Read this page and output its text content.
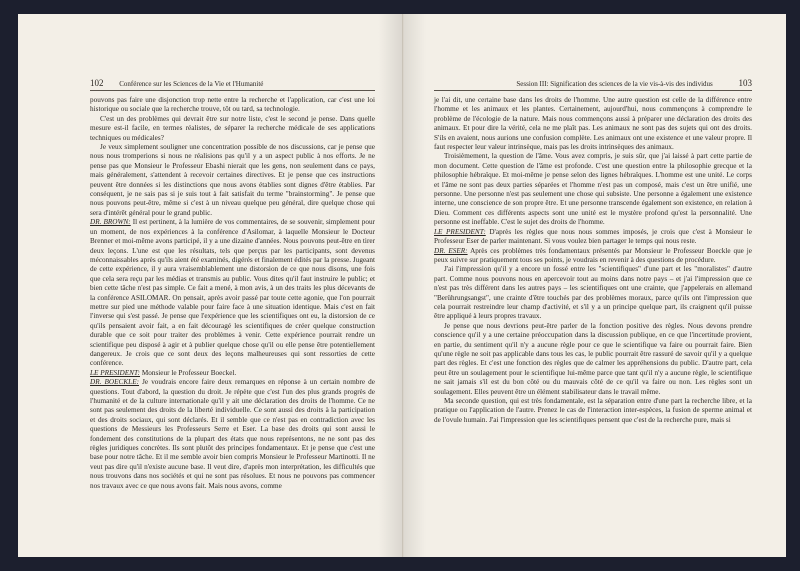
102 Conférence sur les Sciences de la Vie et l'Humanité

pouvons pas faire une disjonction trop nette entre la recherche et l'application, car c'est une loi historique ou sociale que la recherche trouve, tôt ou tard, sa technologie.

C'est un des problèmes qui devrait être sur notre liste, c'est le second je pense. Dans quelle mesure est-il facile, en termes réalistes, de séparer la recherche médicale de ses applications techniques ou médicales?

Je veux simplement souligner une concentration possible de nos discussions, car je pense que nous nous tromperions si nous ne réalisions pas qu'il y a un aspect public à nos efforts. Je ne pense pas que Monsieur le Professeur Ebashi nierait que les gens, non seulement dans ce pays, mais généralement, s'attendent à recevoir certaines directives. Et je pense que ces instructions peuvent être données si les distinctions que nous avons établies sont dignes d'être établies. Par conséquent, je ne sais pas si je suis tout à fait satisfait du terme "brainstorming". Je pense que nous pouvons peut-être, même si c'est à un niveau quelque peu général, dire quelque chose qui sera d'intérêt général pour le grand public.

DR. BROWN: Il est pertinent, à la lumière de vos commentaires, de se souvenir, simplement pour un moment, de nos expériences à la conférence d'Asilomar, à laquelle Monsieur le Docteur Brenner et moi-même avons participé, il y a une dizaine d'années. Nous pouvons peut-être en tirer deux leçons. L'une est que les résultats, tels que perçus par les participants, sont devenus méconnaissables après qu'ils aient été examinés, digérés et finalement édités par la presse. Jugeant de cette expérience, il y aura vraisemblablement une distorsion de ce que nous disons, une fois que cela sera reçu par les médias et transmis au public. Vous dites qu'il faut instruire le public; et bien cette tâche n'est pas simple. Ce fait a mené, à mon avis, à un des traits les plus décevants de la conférence ASILOMAR. On pensait, après avoir passé par toute cette agonie, que l'on pourrait mettre sur pied une méthode valable pour faire face à une situation identique. Mais c'est en fait l'inverse qui s'est passé. Je pense que l'expérience que les scientifiques ont eu, la distorsion de ce qu'ils pensaient avoir fait, a en fait découragé les scientifiques de créer quelque construction durable que ce soit pour traiter des problèmes à venir. Cette expérience pourrait rendre un scientifique peu disposé à agir et à publier quelque chose qu'il ou elle pense être potentiellement dangereux. Je crois que ce sont deux des leçons malheureuses qui sont ressorties de cette conférence.

LE PRESIDENT: Monsieur le Professeur Boeckel.

DR. BOECKLE: Je voudrais encore faire deux remarques en réponse à un certain nombre de questions. Tout d'abord, la question du droit. Je répète que c'est l'un des plus grands progrès de l'humanité et de la culture internationale qu'il y ait une déclaration des droits de l'homme. Ce ne sont pas seulement des droits de la liberté individuelle. Ce sont aussi des droits à la participation et des droits sociaux, qui sont déclarés. Et il semble que ce n'est pas en contradiction avec les questions de Messieurs les Professeurs Serre et Eser. La base des droits qui sont aussi le fondement des constitutions de la plupart des états que nous représentons, ne ne sont pas des règles juridiques concrètes. Ils sont plutôt des principes fondamentaux. Et je pense que c'est une base pour notre tâche. Et il me semble avoir bien compris Monsieur le Professeur Martinotti. Il ne veut pas dire qu'il n'existe aucune base. Il veut dire, d'après mon interprétation, les difficultés que nous trouvons dans nos sociétés et qui ne sont pas résolues. Et nous ne pouvons pas commencer nos travaux avec ce que nous avons fait. Mais nous avons, comme

Session III: Signification des sciences de la vie vis-à-vis des individus	103

je l'ai dit, une certaine base dans les droits de l'homme. Une autre question est celle de la différence entre l'homme et les animaux et les plantes. Certainement, aujourd'hui, nous commençons à comprendre le problème de l'écologie de la nature. Mais nous commençons aussi à préparer une déclaration des droits des animaux. Et pour dire la vérité, cela ne me plaît pas. Les animaux ne sont pas des sujets qui ont des droits. S'ils en avaient, nous aurions une confusion complète. Les animaux ont une existence et une valeur propre. Il faut respecter leur valeur intrinsèque, mais pas les droits intrinsèques des animaux.

Troisièmement, la question de l'âme. Vous avez compris, je suis sûr, que j'ai laissé à part cette partie de mon document. Cette question de l'âme est profonde. C'est une question entre la philosophie grecque et la philosophie hébraïque. Et moi-même je pense selon des lignes hébraïques. L'homme est une unité. Le corps et l'âme ne sont pas deux parties séparées et l'homme n'est pas un composé, mais c'est un être unifié, une personne. Une personne n'est pas seulement une chose qui subsiste. Une personne a également une existence interne, une conscience de son propre être. Et une personne transcende également son existence, en relation à Dieu. Comment ces différents aspects sont une unité est le mystère profond qu'est la personnalité. Une personne est ineffable. C'est le sujet des droits de l'homme.

LE PRESIDENT: D'après les règles que nous nous sommes imposés, je crois que c'est à Monsieur le Professeur Eser de parler maintenant. Si vous voulez bien partager le temps qui nous reste.

DR. ESER: Après ces problèmes très fondamentaux présentés par Monsieur le Professeur Boeckle que je peux suivre sur pratiquement tous ses points, je voudrais en revenir à des questions de procédure.

J'ai l'impression qu'il y a encore un fossé entre les "scientifiques" d'une part et les "moralistes" d'autre part. Comme nous pouvons nous en apercevoir tout au moins dans notre pays – et j'ai l'impression que ce n'est pas très différent dans les autres pays – les scientifiques ont une crainte, que j'appelerais en allemand "Berührungsangst", une crainte d'être touchés par des problèmes moraux, parce qu'ils ont l'impression que cela pourrait restreindre leur champ d'activité, et s'il y a un principe quelque part, ils craignent qu'il puisse être appliqué à leurs propres travaux.

Je pense que nous devrions peut-être parler de la fonction positive des règles. Nous devons prendre conscience qu'il y a une certaine préoccupation dans la discussion publique, en ce que l'incertitude provient, en partie, du sentiment qu'il n'y a aucune règle pour ce que le scientifique va faire ou pourrait faire. Bien qu'une règle ne soit pas applicable dans tous les cas, le public pourrait être rassuré de savoir qu'il y a quelque part des règles. Et c'est une fonction des règles que de calmer les appréhensions du public. D'autre part, cela peut être un soulagement pour le scientifique lui-même parce que tant qu'il n'y a aucune règle, le scientifique ne sait jamais s'il est du bon côté ou du mauvais côté de ce qu'il va faire ou non. Les règles sont un soulagement. Elles peuvent être un élément stabilisateur dans le travail même.

Ma seconde question, qui est très fondamentale, est la séparation entre d'une part la recherche libre, et la pratique ou l'application de l'autre. Prenez le cas de l'interaction inter-espèces, la fusion de sperme animal et de l'ovule humain. J'ai l'impression que les scientifiques pensent que c'est de la recherche pure, mais si
